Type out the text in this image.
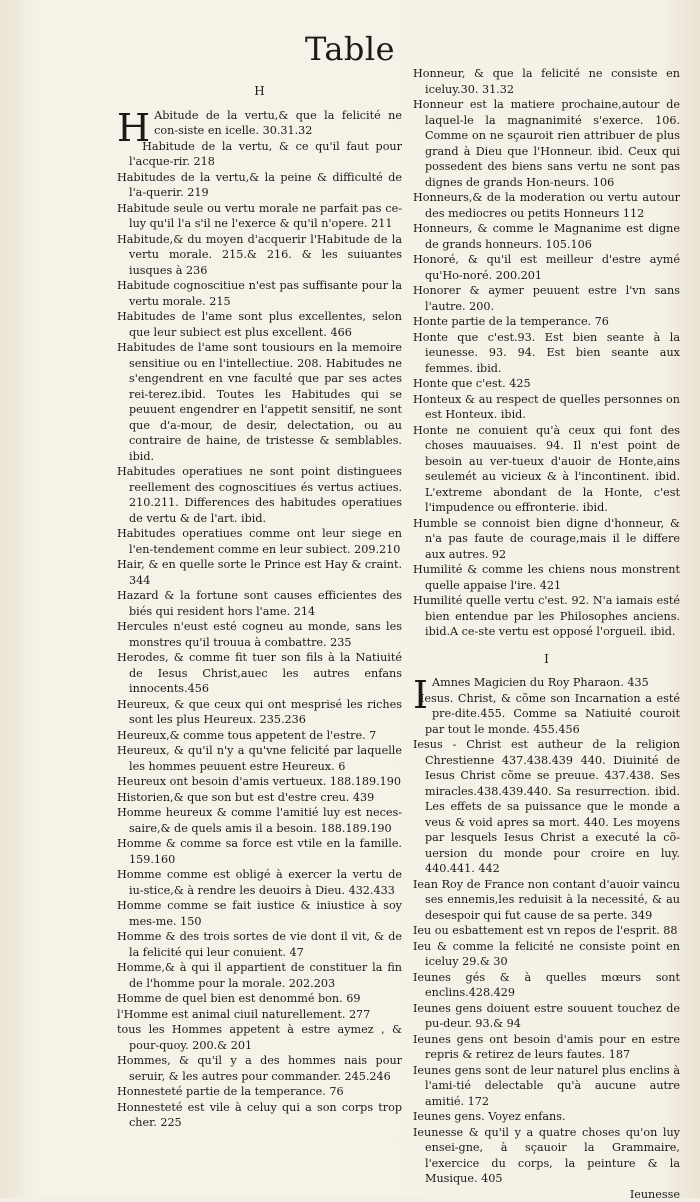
Table
H

H Abitude de la vertu,& que la felicité ne con-siste en icelle. 30.31.32

Habitude de la vertu, & ce qu'il faut pour l'acque-rir. 218

Habitudes de la vertu,& la peine & difficulté de l'a-querir. 219

Habitude seule ou vertu morale ne parfait pas ce-luy qu'il l'a s'il ne l'exerce & qu'il n'opere. 211

Habitude,& du moyen d'acquerir l'Habitude de la vertu morale. 215.& 216. & les suiuantes iusques à 236

Habitude cognoscitiue n'est pas suffisante pour la vertu morale. 215

Habitudes de l'ame sont plus excellentes, selon que leur subiect est plus excellent. 466

Habitudes de l'ame sont tousiours en la memoire sensitiue ou en l'intellectiue. 208. Habitudes ne s'engendrent en vne faculté que par ses actes rei-terez.ibid. Toutes les Habitudes qui se peuuent engendrer en l'appetit sensitif, ne sont que d'a-mour, de desir, delectation, ou au contraire de haine, de tristesse & semblables. ibid.

Habitudes operatiues ne sont point distinguees reellement des cognoscitiues és vertus actiues. 210.211. Differences des habitudes operatiues de vertu & de l'art. ibid.

Habitudes operatiues comme ont leur siege en l'en-tendement comme en leur subiect. 209.210

Hair, & en quelle sorte le Prince est Hay & craint. 344

Hazard & la fortune sont causes efficientes des biés qui resident hors l'ame. 214

Hercules n'eust esté cogneu au monde, sans les monstres qu'il trouua à combattre. 235

Herodes, & comme fit tuer son fils à la Natiuité de Iesus Christ,auec les autres enfans innocents.456

Heureux, & que ceux qui ont mesprisé les riches sont les plus Heureux. 235.236

Heureux,& comme tous appetent de l'estre. 7

Heureux, & qu'il n'y a qu'vne felicité par laquelle les hommes peuuent estre Heureux. 6

Heureux ont besoin d'amis vertueux. 188.189.190

Historien,& que son but est d'estre creu. 439

Homme heureux & comme l'amitié luy est neces-saire,& de quels amis il a besoin. 188.189.190

Homme & comme sa force est vtile en la famille. 159.160

Homme comme est obligé à exercer la vertu de iu-stice,& à rendre les deuoirs à Dieu. 432.433

Homme comme se fait iustice & iniustice à soy mes-me. 150

Homme & des trois sortes de vie dont il vit, & de la felicité qui leur conuient. 47

Homme,& à qui il appartient de constituer la fin de l'homme pour la morale. 202.203

Homme de quel bien est denommé bon. 69

l'Homme est animal ciuil naturellement. 277

tous les Hommes appetent à estre aymez , & pour-quoy. 200.& 201

Hommes, & qu'il y a des hommes nais pour seruir, & les autres pour commander. 245.246

Honnesteté partie de la temperance. 76

Honnesteté est vile à celuy qui a son corps trop cher. 225

Honneur, & que la felicité ne consiste en iceluy.30. 31.32

Honneur est la matiere prochaine,autour de laquel-le la magnanimité s'exerce. 106. Comme on ne sçauroit rien attribuer de plus grand à Dieu que l'Honneur. ibid. Ceux qui possedent des biens sans vertu ne sont pas dignes de grands Hon-neurs. 106

Honneurs,& de la moderation ou vertu autour des mediocres ou petits Honneurs 112

Honneurs, & comme le Magnanime est digne de grands honneurs. 105.106

Honoré, & qu'il est meilleur d'estre aymé qu'Ho-noré. 200.201

Honorer & aymer peuuent estre l'vn sans l'autre. 200.

Honte partie de la temperance. 76

Honte que c'est.93. Est bien seante à la ieunesse. 93. 94. Est bien seante aux femmes. ibid.

Honte que c'est. 425

Honteux & au respect de quelles personnes on est Honteux. ibid.

Honte ne conuient qu'à ceux qui font des choses mauuaises. 94. Il n'est point de besoin au ver-tueux d'auoir de Honte,ains seulemét au vicieux & à l'incontinent. ibid. L'extreme abondant de la Honte, c'est l'impudence ou effronterie. ibid.

Humble se connoist bien digne d'honneur, & n'a pas faute de courage,mais il le differe aux autres. 92

Humilité & comme les chiens nous monstrent quelle appaise l'ire. 421

Humilité quelle vertu c'est. 92. N'a iamais esté bien entendue par les Philosophes anciens. ibid.A ce-ste vertu est opposé l'orgueil. ibid.

I

I Amnes Magicien du Roy Pharaon. 435

Iesus. Christ, & cõme son Incarnation a esté pre-dite.455. Comme sa Natiuité couroit par tout le monde. 455.456

Iesus - Christ est autheur de la religion Chrestienne 437.438.439 440. Diuinité de Iesus Christ cõme se preuue. 437.438. Ses miracles.438.439.440. Sa resurrection. ibid. Les effets de sa puissance que le monde a veus & void apres sa mort. 440. Les moyens par lesquels Iesus Christ a executé la cõ-uersion du monde pour croire en luy. 440.441. 442

Iean Roy de France non contant d'auoir vaincu ses ennemis,les reduisit à la necessité, & au desespoir qui fut cause de sa perte. 349

Ieu ou esbattement est vn repos de l'esprit. 88

Ieu & comme la felicité ne consiste point en iceluy 29.& 30

Ieunes gés & à quelles mœurs sont enclins.428.429

Ieunes gens doiuent estre souuent touchez de pu-deur. 93.& 94

Ieunes gens ont besoin d'amis pour en estre repris & retirez de leurs fautes. 187

Ieunes gens sont de leur naturel plus enclins à l'ami-tié delectable qu'à aucune autre amitié. 172

Ieunes gens. Voyez enfans.

Ieunesse & qu'il y a quatre choses qu'on luy ensei-gne, à sçauoir la Grammaire, l'exercice du corps, la peinture & la Musique. 405

Ieunesse
